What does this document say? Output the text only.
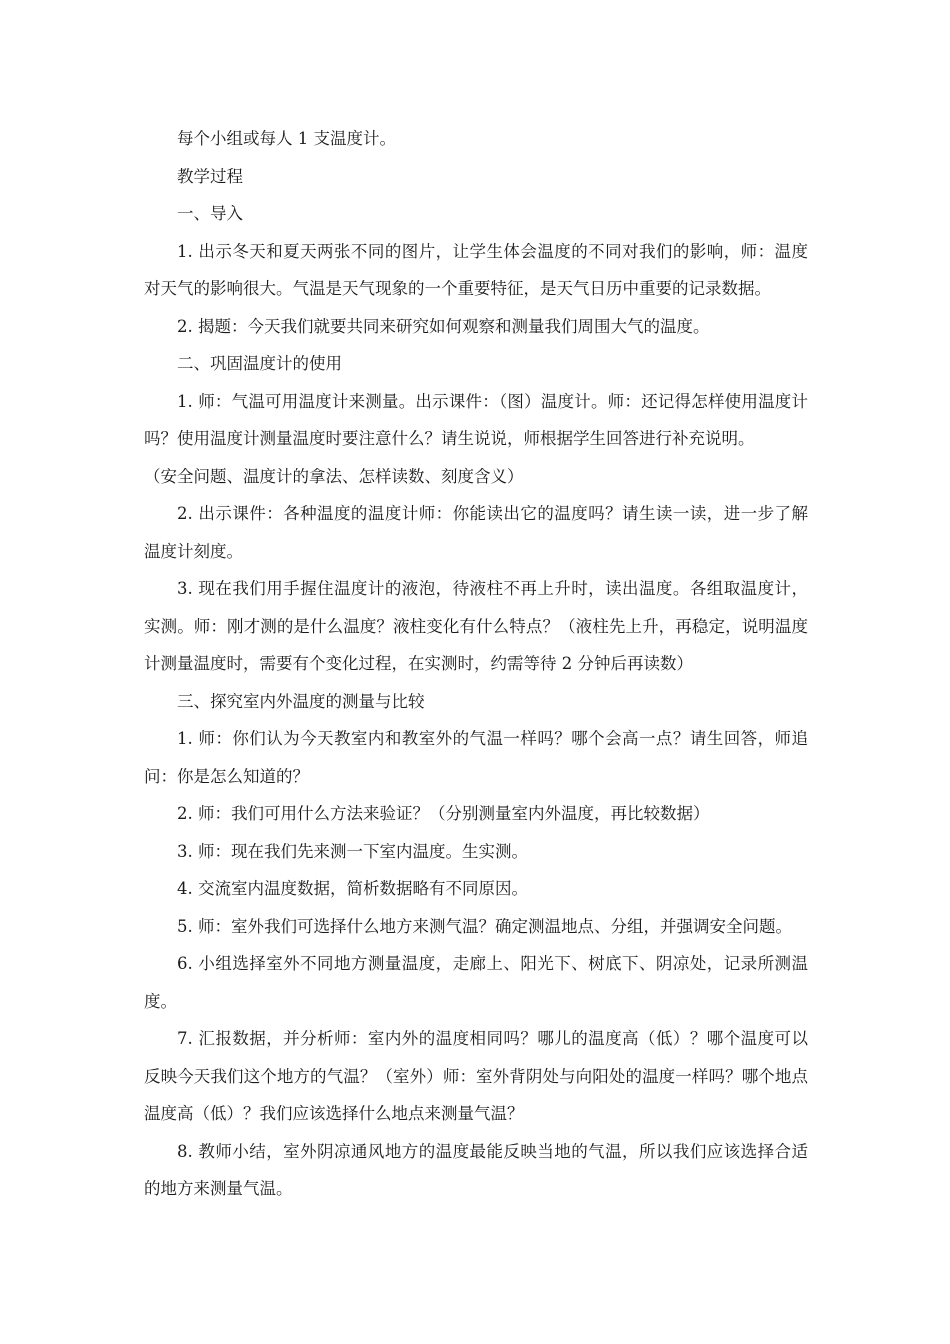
每个小组或每人 1 支温度计。

教学过程

一、导入

1. 出示冬天和夏天两张不同的图片，让学生体会温度的不同对我们的影响，师：温度对天气的影响很大。气温是天气现象的一个重要特征，是天气日历中重要的记录数据。

2. 揭题：今天我们就要共同来研究如何观察和测量我们周围大气的温度。

二、巩固温度计的使用

1. 师：气温可用温度计来测量。出示课件：（图）温度计。师：还记得怎样使用温度计吗？使用温度计测量温度时要注意什么？请生说说，师根据学生回答进行补充说明。

（安全问题、温度计的拿法、怎样读数、刻度含义）

2. 出示课件：各种温度的温度计师：你能读出它的温度吗？请生读一读，进一步了解温度计刻度。

3. 现在我们用手握住温度计的液泡，待液柱不再上升时，读出温度。各组取温度计，实测。师：刚才测的是什么温度？液柱变化有什么特点？（液柱先上升，再稳定，说明温度计测量温度时，需要有个变化过程，在实测时，约需等待 2 分钟后再读数）

三、探究室内外温度的测量与比较

1. 师：你们认为今天教室内和教室外的气温一样吗？哪个会高一点？请生回答，师追问：你是怎么知道的？

2. 师：我们可用什么方法来验证？（分别测量室内外温度，再比较数据）

3. 师：现在我们先来测一下室内温度。生实测。

4. 交流室内温度数据，简析数据略有不同原因。

5. 师：室外我们可选择什么地方来测气温？确定测温地点、分组，并强调安全问题。

6. 小组选择室外不同地方测量温度，走廊上、阳光下、树底下、阴凉处，记录所测温度。

7. 汇报数据，并分析师：室内外的温度相同吗？哪儿的温度高（低）？哪个温度可以反映今天我们这个地方的气温？（室外）师：室外背阴处与向阳处的温度一样吗？哪个地点温度高（低）？我们应该选择什么地点来测量气温？

8. 教师小结，室外阴凉通风地方的温度最能反映当地的气温，所以我们应该选择合适的地方来测量气温。
